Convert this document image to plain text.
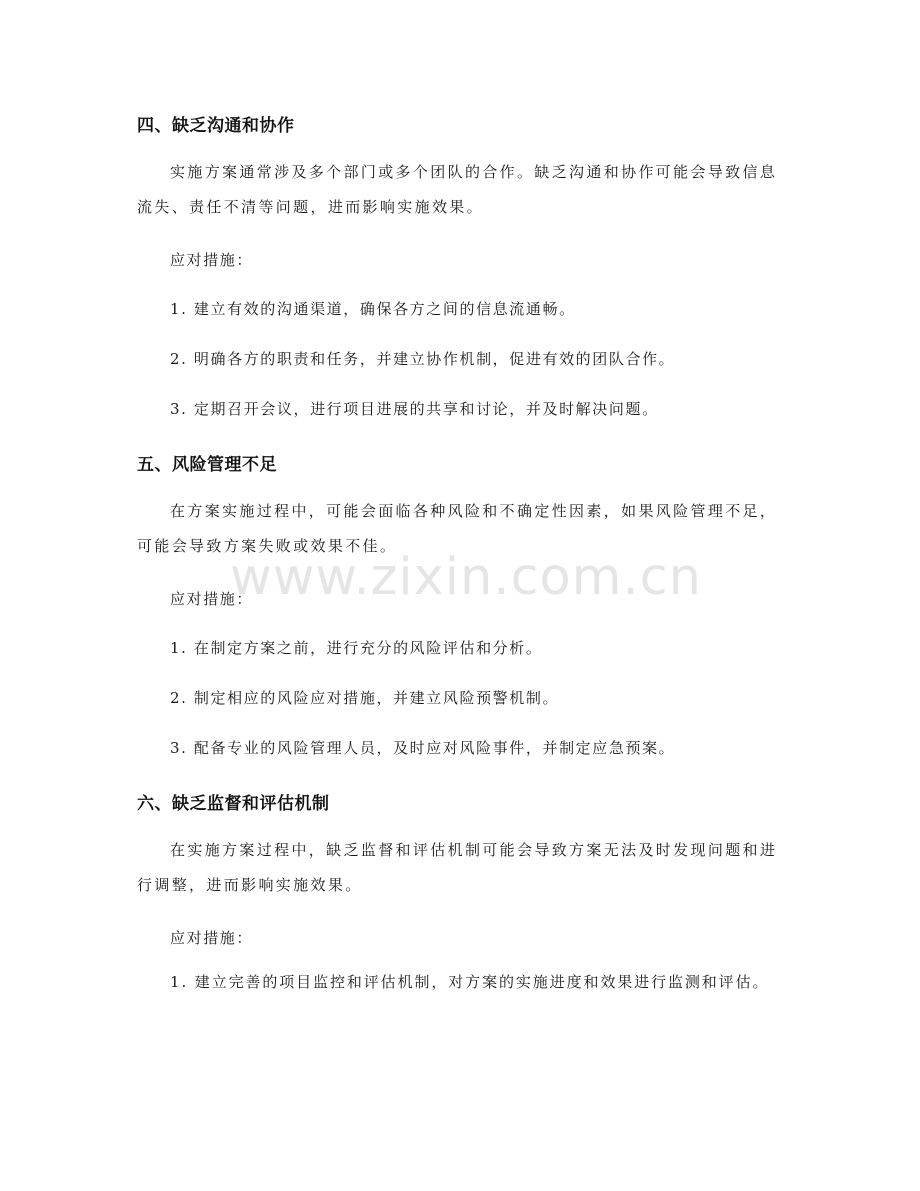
四、缺乏沟通和协作
实施方案通常涉及多个部门或多个团队的合作。缺乏沟通和协作可能会导致信息流失、责任不清等问题，进而影响实施效果。
应对措施：
1. 建立有效的沟通渠道，确保各方之间的信息流通畅。
2. 明确各方的职责和任务，并建立协作机制，促进有效的团队合作。
3. 定期召开会议，进行项目进展的共享和讨论，并及时解决问题。
五、风险管理不足
在方案实施过程中，可能会面临各种风险和不确定性因素，如果风险管理不足，可能会导致方案失败或效果不佳。
应对措施：
1. 在制定方案之前，进行充分的风险评估和分析。
2. 制定相应的风险应对措施，并建立风险预警机制。
3. 配备专业的风险管理人员，及时应对风险事件，并制定应急预案。
六、缺乏监督和评估机制
在实施方案过程中，缺乏监督和评估机制可能会导致方案无法及时发现问题和进行调整，进而影响实施效果。
应对措施：
1. 建立完善的项目监控和评估机制，对方案的实施进度和效果进行监测和评估。
www.zixin.com.cn
